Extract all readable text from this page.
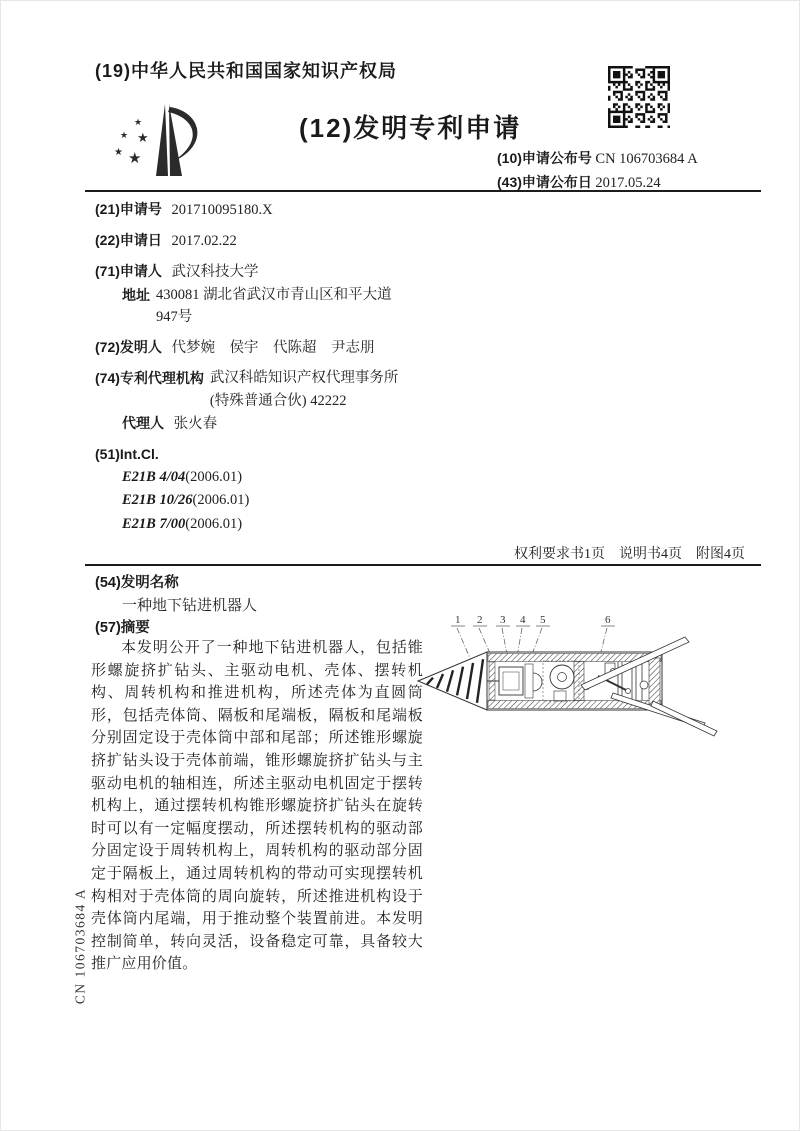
(19)中华人民共和国国家知识产权局
★
★ ★
★ ★
(12)发明专利申请
(10)申请公布号 CN 106703684 A
(43)申请公布日 2017.05.24
(21)申请号 201710095180.X
(22)申请日 2017.02.22
(71)申请人 武汉科技大学
地址 430081 湖北省武汉市青山区和平大道947号
(72)发明人 代梦婉　侯宇　代陈超　尹志朋
(74)专利代理机构 武汉科皓知识产权代理事务所(特殊普通合伙) 42222
代理人 张火春
(51)Int.Cl.
E21B 4/04(2006.01)
E21B 10/26(2006.01)
E21B 7/00(2006.01)
权利要求书1页　说明书4页　附图4页
(54)发明名称
一种地下钻进机器人
(57)摘要
本发明公开了一种地下钻进机器人，包括锥形螺旋挤扩钻头、主驱动电机、壳体、摆转机构、周转机构和推进机构，所述壳体为直圆筒形，包括壳体筒、隔板和尾端板，隔板和尾端板分别固定设于壳体筒中部和尾部；所述锥形螺旋挤扩钻头设于壳体前端，锥形螺旋挤扩钻头与主驱动电机的轴相连，所述主驱动电机固定于摆转机构上，通过摆转机构锥形螺旋挤扩钻头在旋转时可以有一定幅度摆动，所述摆转机构的驱动部分固定设于周转机构上，周转机构的驱动部分固定于隔板上，通过周转机构的带动可实现摆转机构相对于壳体筒的周向旋转，所述推进机构设于壳体筒内尾端，用于推动整个装置前进。本发明控制简单，转向灵活，设备稳定可靠，具备较大推广应用价值。
1 2 3 4 5	6
CN 106703684 A
